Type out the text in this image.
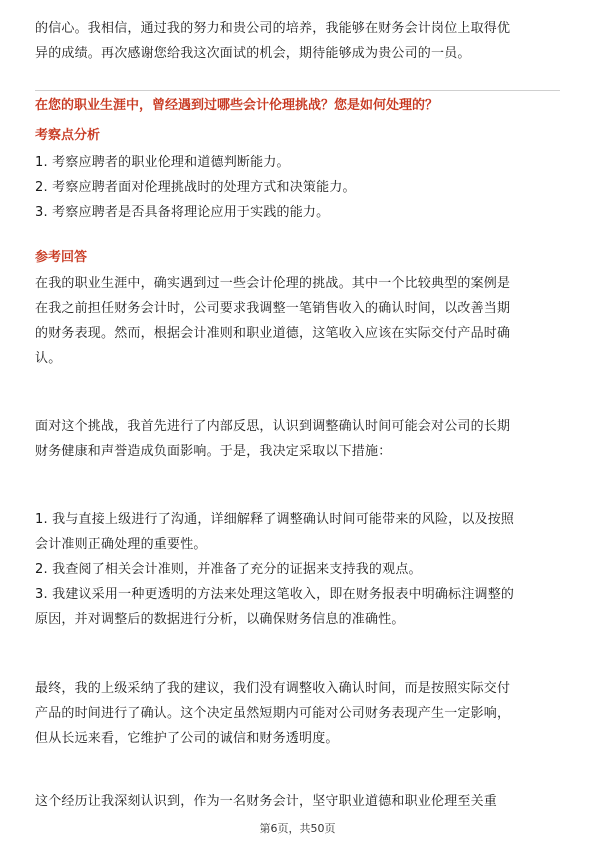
的信心。我相信，通过我的努力和贵公司的培养，我能够在财务会计岗位上取得优
异的成绩。再次感谢您给我这次面试的机会，期待能够成为贵公司的一员。
在您的职业生涯中，曾经遇到过哪些会计伦理挑战？您是如何处理的？
考察点分析
1. 考察应聘者的职业伦理和道德判断能力。
2. 考察应聘者面对伦理挑战时的处理方式和决策能力。
3. 考察应聘者是否具备将理论应用于实践的能力。
参考回答
在我的职业生涯中，确实遇到过一些会计伦理的挑战。其中一个比较典型的案例是
在我之前担任财务会计时，公司要求我调整一笔销售收入的确认时间，以改善当期
的财务表现。然而，根据会计准则和职业道德，这笔收入应该在实际交付产品时确
认。
面对这个挑战，我首先进行了内部反思，认识到调整确认时间可能会对公司的长期
财务健康和声誉造成负面影响。于是，我决定采取以下措施：
1. 我与直接上级进行了沟通，详细解释了调整确认时间可能带来的风险，以及按照
会计准则正确处理的重要性。
2. 我查阅了相关会计准则，并准备了充分的证据来支持我的观点。
3. 我建议采用一种更透明的方法来处理这笔收入，即在财务报表中明确标注调整的
原因，并对调整后的数据进行分析，以确保财务信息的准确性。
最终，我的上级采纳了我的建议，我们没有调整收入确认时间，而是按照实际交付
产品的时间进行了确认。这个决定虽然短期内可能对公司财务表现产生一定影响，
但从长远来看，它维护了公司的诚信和财务透明度。
这个经历让我深刻认识到，作为一名财务会计，坚守职业道德和职业伦理至关重
第6页，共50页
